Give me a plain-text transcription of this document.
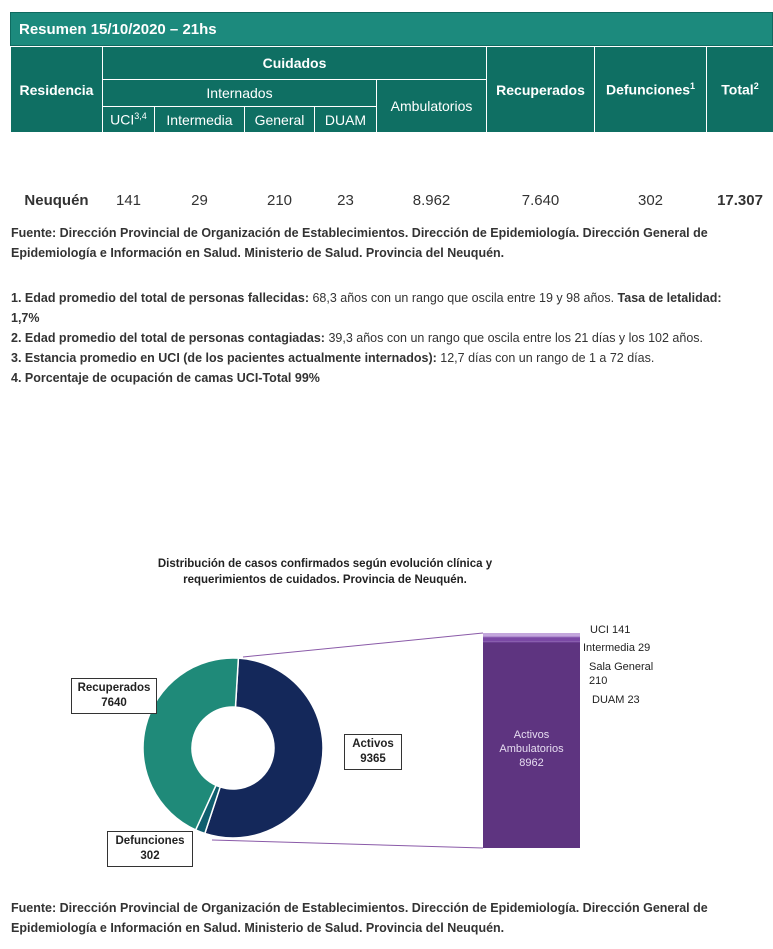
Resumen 15/10/2020 – 21hs
Residencia	Cuidados					Recuperados	Defunciones$^1$	Total$^2$
	Internados				Ambulatorios			
	UCI$^{3,4}$	Intermedia	General	DUAM				
Neuquén	141	29	210	23	8.962	7.640	302	17.307
Fuente: Dirección Provincial de Organización de Establecimientos. Dirección de Epidemiología. Dirección General de Epidemiología e Información en Salud. Ministerio de Salud. Provincia del Neuquén.
1. Edad promedio del total de personas fallecidas: 68,3 años con un rango que oscila entre 19 y 98 años. Tasa de letalidad: 1,7%
2. Edad promedio del total de personas contagiadas: 39,3 años con un rango que oscila entre los 21 días y los 102 años.
3. Estancia promedio en UCI (de los pacientes actualmente internados): 12,7 días con un rango de 1 a 72 días.
4. Porcentaje de ocupación de camas UCI-Total 99%
Distribución de casos confirmados según evolución clínica y requerimientos de cuidados. Provincia de Neuquén.
Recuperados
7640
Activos
9365
Defunciones
302
Activos
Ambulatorios
8962
UCI 141
Intermedia 29
Sala General
210
DUAM 23
Fuente: Dirección Provincial de Organización de Establecimientos. Dirección de Epidemiología. Dirección General de Epidemiología e Información en Salud. Ministerio de Salud. Provincia del Neuquén.
